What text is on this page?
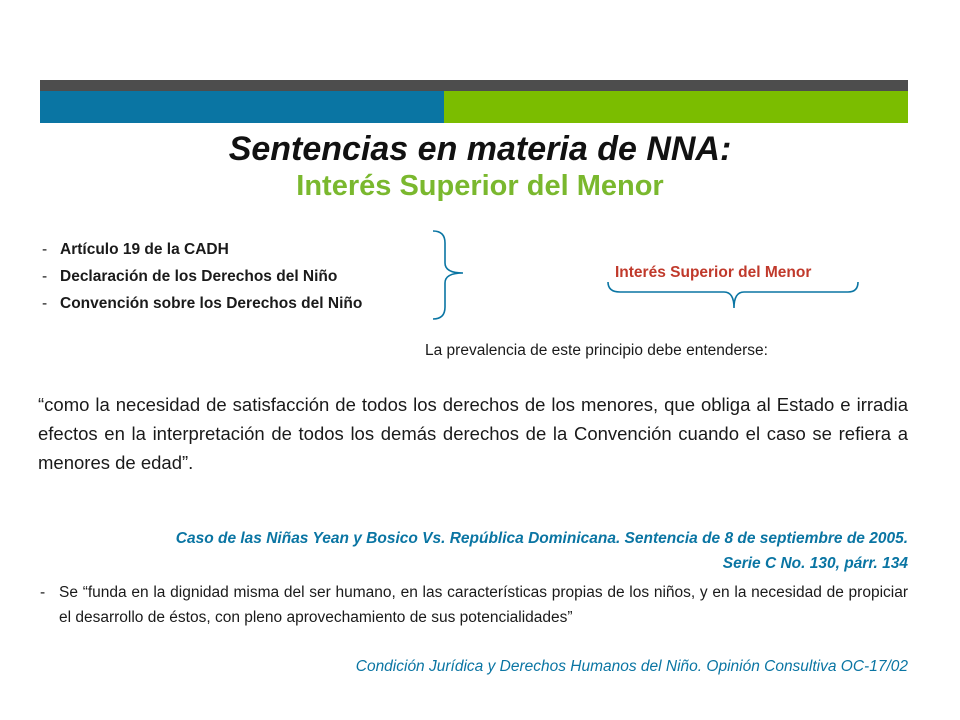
Sentencias en materia de NNA:
Interés Superior del Menor
- Artículo 19 de la CADH
- Declaración de los Derechos del Niño
- Convención sobre los Derechos del Niño
Interés Superior del Menor
La prevalencia de este principio debe entenderse:
“como la necesidad de satisfacción de todos los derechos de los menores, que obliga al Estado e irradia efectos en la interpretación de todos los demás derechos de la Convención cuando el caso se refiera a menores de edad”.
Caso de las Niñas Yean y Bosico Vs. República Dominicana. Sentencia de 8 de septiembre de 2005.
Serie C No. 130, párr. 134
- Se “funda en la dignidad misma del ser humano, en las características propias de los niños, y en la necesidad de propiciar el desarrollo de éstos, con pleno aprovechamiento de sus potencialidades”
Condición Jurídica y Derechos Humanos del Niño. Opinión Consultiva OC-17/02
